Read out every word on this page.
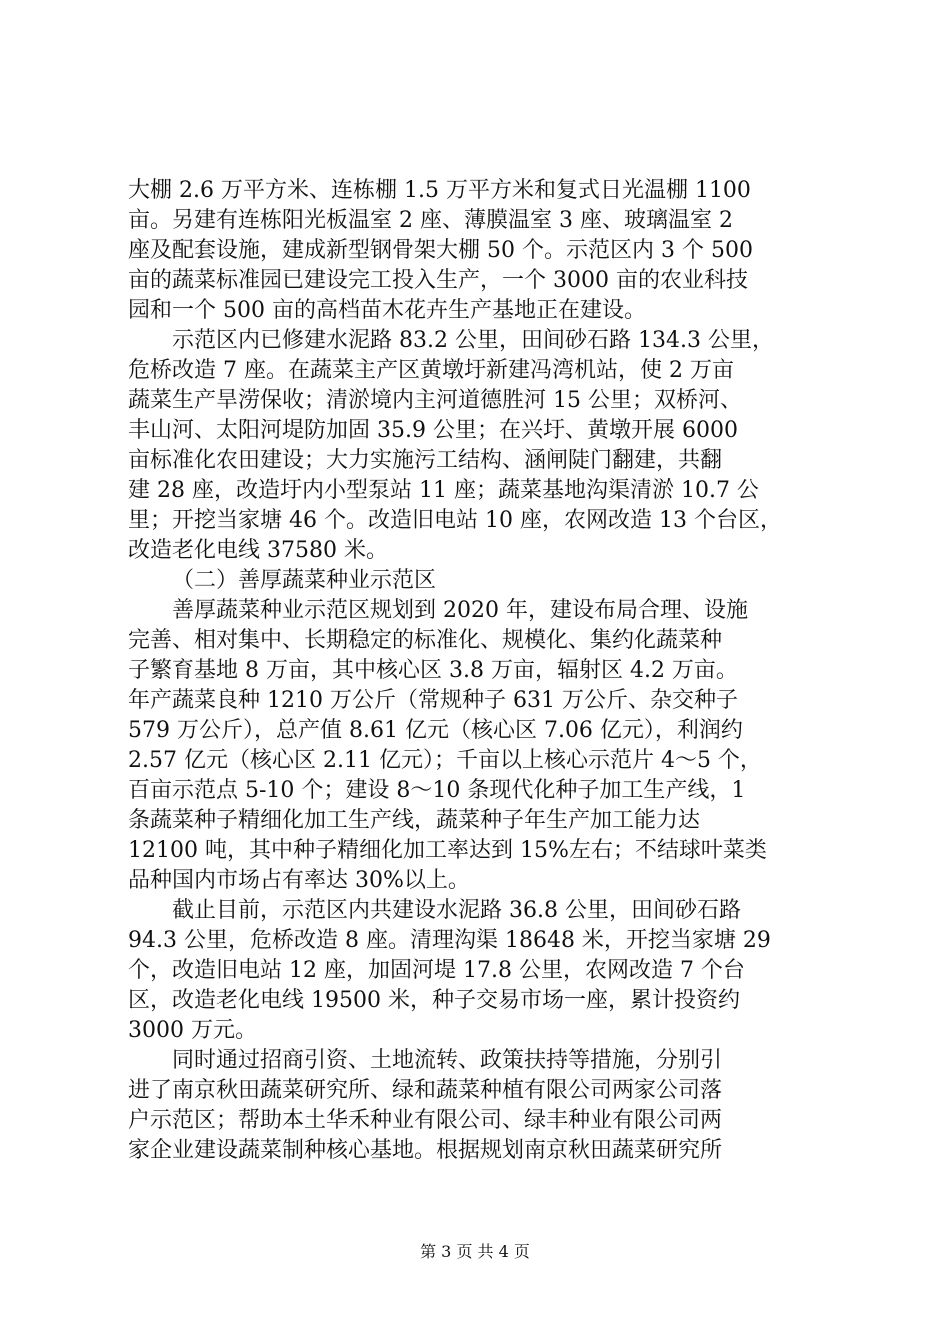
大棚 2.6 万平方米、连栋棚 1.5 万平方米和复式日光温棚 1100
亩。另建有连栋阳光板温室 2 座、薄膜温室 3 座、玻璃温室 2
座及配套设施，建成新型钢骨架大棚 50 个。示范区内 3 个 500
亩的蔬菜标准园已建设完工投入生产，一个 3000 亩的农业科技
园和一个 500 亩的高档苗木花卉生产基地正在建设。
示范区内已修建水泥路 83.2 公里，田间砂石路 134.3 公里，
危桥改造 7 座。在蔬菜主产区黄墩圩新建冯湾机站，使 2 万亩
蔬菜生产旱涝保收；清淤境内主河道德胜河 15 公里；双桥河、
丰山河、太阳河堤防加固 35.9 公里；在兴圩、黄墩开展 6000
亩标准化农田建设；大力实施污工结构、涵闸陡门翻建，共翻
建 28 座，改造圩内小型泵站 11 座；蔬菜基地沟渠清淤 10.7 公
里；开挖当家塘 46 个。改造旧电站 10 座，农网改造 13 个台区，
改造老化电线 37580 米。
（二）善厚蔬菜种业示范区
善厚蔬菜种业示范区规划到 2020 年，建设布局合理、设施
完善、相对集中、长期稳定的标准化、规模化、集约化蔬菜种
子繁育基地 8 万亩，其中核心区 3.8 万亩，辐射区 4.2 万亩。
年产蔬菜良种 1210 万公斤（常规种子 631 万公斤、杂交种子
579 万公斤），总产值 8.61 亿元（核心区 7.06 亿元），利润约
2.57 亿元（核心区 2.11 亿元）；千亩以上核心示范片 4～5 个，
百亩示范点 5-10 个；建设 8～10 条现代化种子加工生产线，1
条蔬菜种子精细化加工生产线，蔬菜种子年生产加工能力达
12100 吨，其中种子精细化加工率达到 15%左右；不结球叶菜类
品种国内市场占有率达 30%以上。
截止目前，示范区内共建设水泥路 36.8 公里，田间砂石路
94.3 公里，危桥改造 8 座。清理沟渠 18648 米，开挖当家塘 29
个，改造旧电站 12 座，加固河堤 17.8 公里，农网改造 7 个台
区，改造老化电线 19500 米，种子交易市场一座，累计投资约
3000 万元。
同时通过招商引资、土地流转、政策扶持等措施，分别引
进了南京秋田蔬菜研究所、绿和蔬菜种植有限公司两家公司落
户示范区；帮助本土华禾种业有限公司、绿丰种业有限公司两
家企业建设蔬菜制种核心基地。根据规划南京秋田蔬菜研究所
第 3 页 共 4 页
